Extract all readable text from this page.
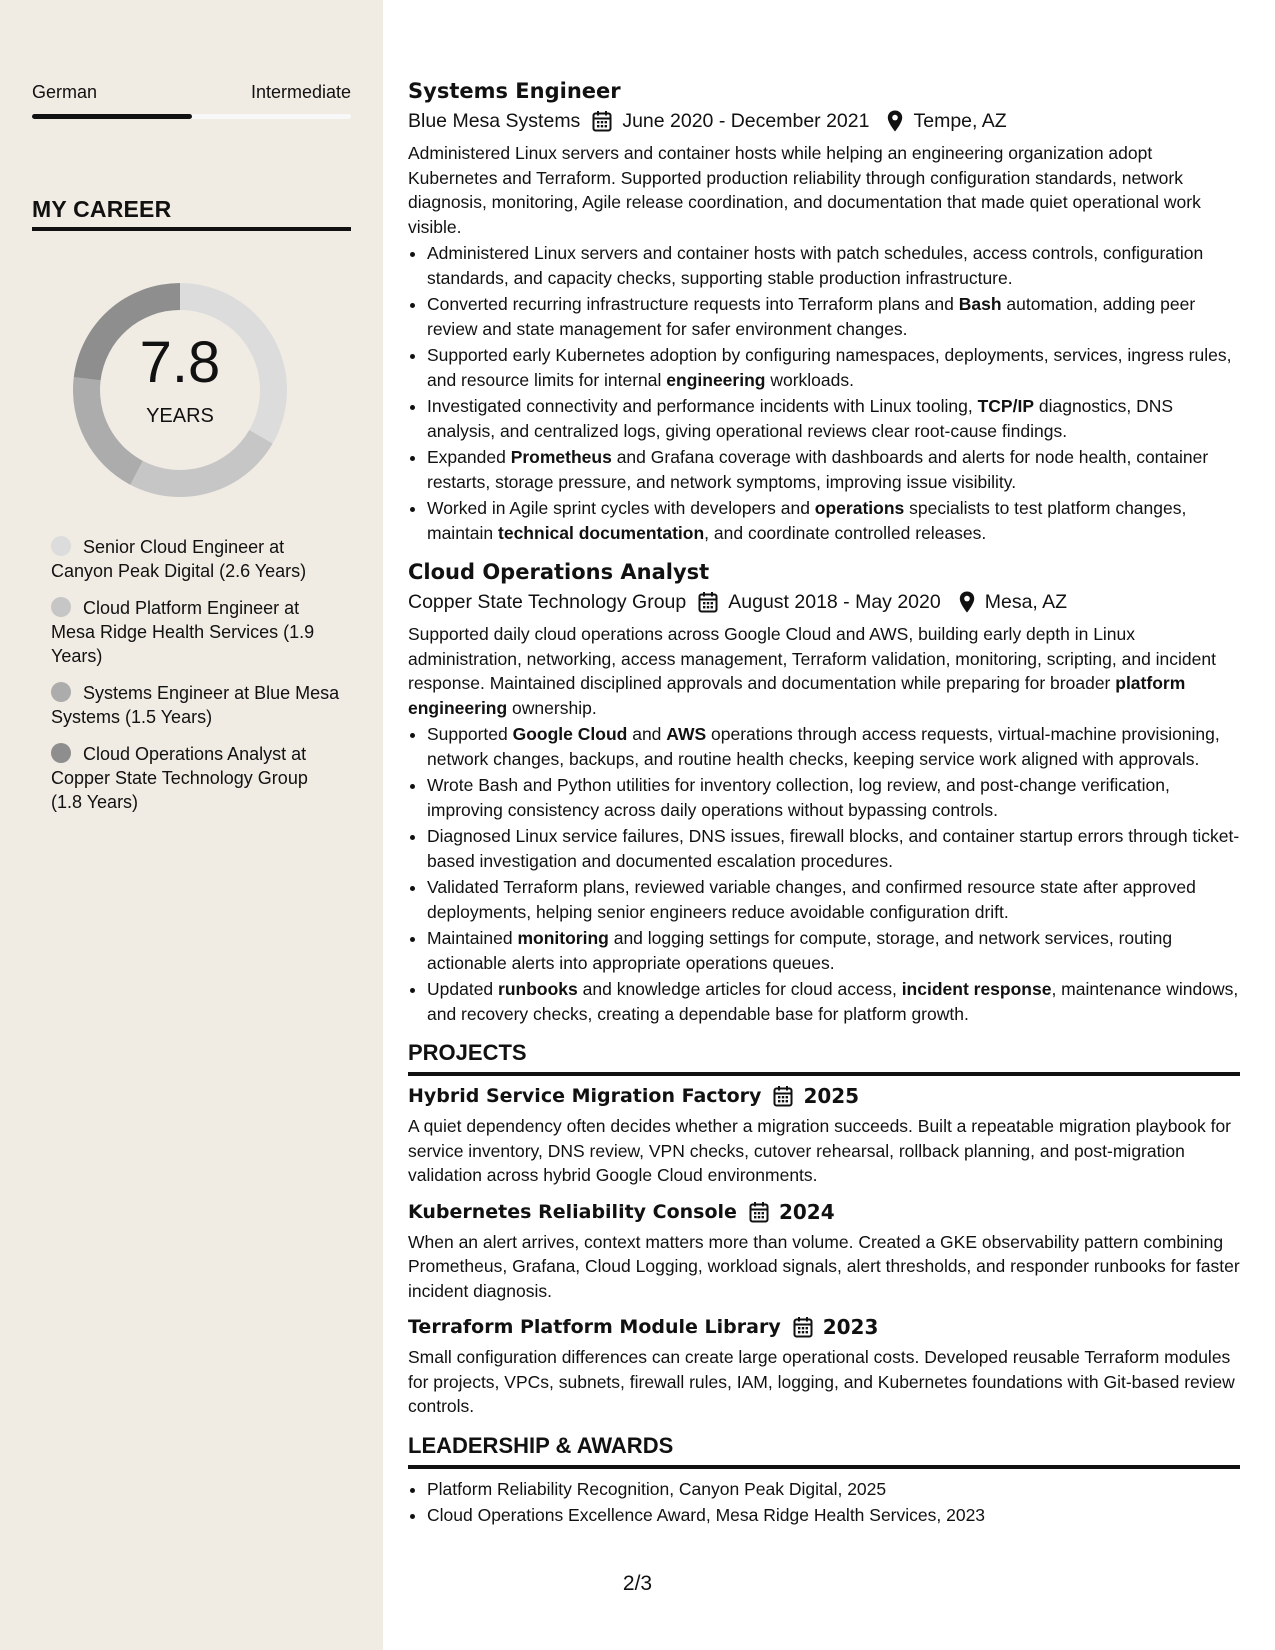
German	Intermediate
MY CAREER
7.8
YEARS
Senior Cloud Engineer at Canyon Peak Digital (2.6 Years)
Cloud Platform Engineer at Mesa Ridge Health Services (1.9 Years)
Systems Engineer at Blue Mesa Systems (1.5 Years)
Cloud Operations Analyst at Copper State Technology Group (1.8 Years)
Systems Engineer
Blue Mesa Systems June 2020 - December 2021 Tempe, AZ
Administered Linux servers and container hosts while helping an engineering organization adopt Kubernetes and Terraform. Supported production reliability through configuration standards, network diagnosis, monitoring, Agile release coordination, and documentation that made quiet operational work visible.
• Administered Linux servers and container hosts with patch schedules, access controls, configuration standards, and capacity checks, supporting stable production infrastructure.
• Converted recurring infrastructure requests into Terraform plans and Bash automation, adding peer review and state management for safer environment changes.
• Supported early Kubernetes adoption by configuring namespaces, deployments, services, ingress rules, and resource limits for internal engineering workloads.
• Investigated connectivity and performance incidents with Linux tooling, TCP/IP diagnostics, DNS analysis, and centralized logs, giving operational reviews clear root-cause findings.
• Expanded Prometheus and Grafana coverage with dashboards and alerts for node health, container restarts, storage pressure, and network symptoms, improving issue visibility.
• Worked in Agile sprint cycles with developers and operations specialists to test platform changes, maintain technical documentation, and coordinate controlled releases.
Cloud Operations Analyst
Copper State Technology Group August 2018 - May 2020 Mesa, AZ
Supported daily cloud operations across Google Cloud and AWS, building early depth in Linux administration, networking, access management, Terraform validation, monitoring, scripting, and incident response. Maintained disciplined approvals and documentation while preparing for broader platform engineering ownership.
• Supported Google Cloud and AWS operations through access requests, virtual-machine provisioning, network changes, backups, and routine health checks, keeping service work aligned with approvals.
• Wrote Bash and Python utilities for inventory collection, log review, and post-change verification, improving consistency across daily operations without bypassing controls.
• Diagnosed Linux service failures, DNS issues, firewall blocks, and container startup errors through ticket-based investigation and documented escalation procedures.
• Validated Terraform plans, reviewed variable changes, and confirmed resource state after approved deployments, helping senior engineers reduce avoidable configuration drift.
• Maintained monitoring and logging settings for compute, storage, and network services, routing actionable alerts into appropriate operations queues.
• Updated runbooks and knowledge articles for cloud access, incident response, maintenance windows, and recovery checks, creating a dependable base for platform growth.
PROJECTS
Hybrid Service Migration Factory 2025
A quiet dependency often decides whether a migration succeeds. Built a repeatable migration playbook for service inventory, DNS review, VPN checks, cutover rehearsal, rollback planning, and post-migration validation across hybrid Google Cloud environments.
Kubernetes Reliability Console 2024
When an alert arrives, context matters more than volume. Created a GKE observability pattern combining Prometheus, Grafana, Cloud Logging, workload signals, alert thresholds, and responder runbooks for faster incident diagnosis.
Terraform Platform Module Library 2023
Small configuration differences can create large operational costs. Developed reusable Terraform modules for projects, VPCs, subnets, firewall rules, IAM, logging, and Kubernetes foundations with Git-based review controls.
LEADERSHIP & AWARDS
• Platform Reliability Recognition, Canyon Peak Digital, 2025
• Cloud Operations Excellence Award, Mesa Ridge Health Services, 2023
2/3
